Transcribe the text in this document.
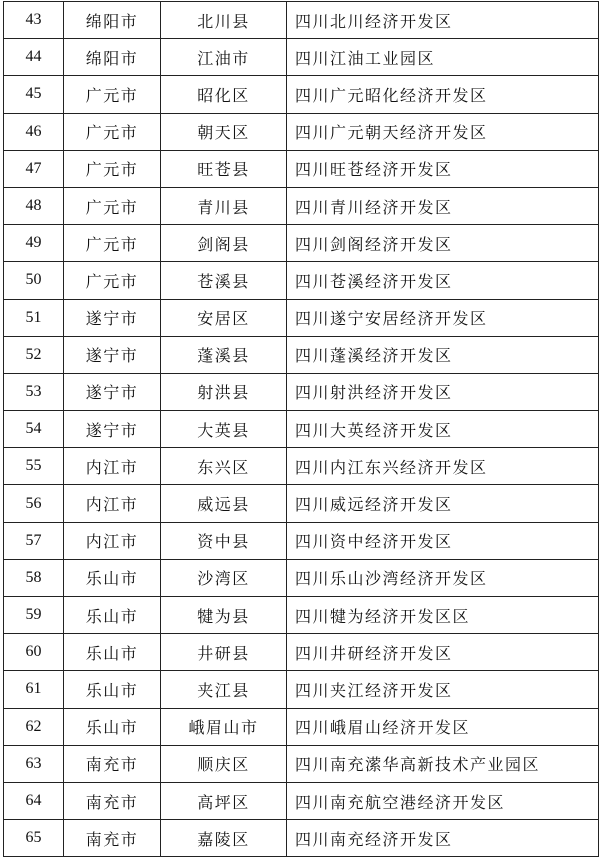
43	绵阳市	北川县	四川北川经济开发区
44	绵阳市	江油市	四川江油工业园区
45	广元市	昭化区	四川广元昭化经济开发区
46	广元市	朝天区	四川广元朝天经济开发区
47	广元市	旺苍县	四川旺苍经济开发区
48	广元市	青川县	四川青川经济开发区
49	广元市	剑阁县	四川剑阁经济开发区
50	广元市	苍溪县	四川苍溪经济开发区
51	遂宁市	安居区	四川遂宁安居经济开发区
52	遂宁市	蓬溪县	四川蓬溪经济开发区
53	遂宁市	射洪县	四川射洪经济开发区
54	遂宁市	大英县	四川大英经济开发区
55	内江市	东兴区	四川内江东兴经济开发区
56	内江市	威远县	四川威远经济开发区
57	内江市	资中县	四川资中经济开发区
58	乐山市	沙湾区	四川乐山沙湾经济开发区
59	乐山市	犍为县	四川犍为经济开发区区
60	乐山市	井研县	四川井研经济开发区
61	乐山市	夹江县	四川夹江经济开发区
62	乐山市	峨眉山市	四川峨眉山经济开发区
63	南充市	顺庆区	四川南充潆华高新技术产业园区
64	南充市	高坪区	四川南充航空港经济开发区
65	南充市	嘉陵区	四川南充经济开发区
